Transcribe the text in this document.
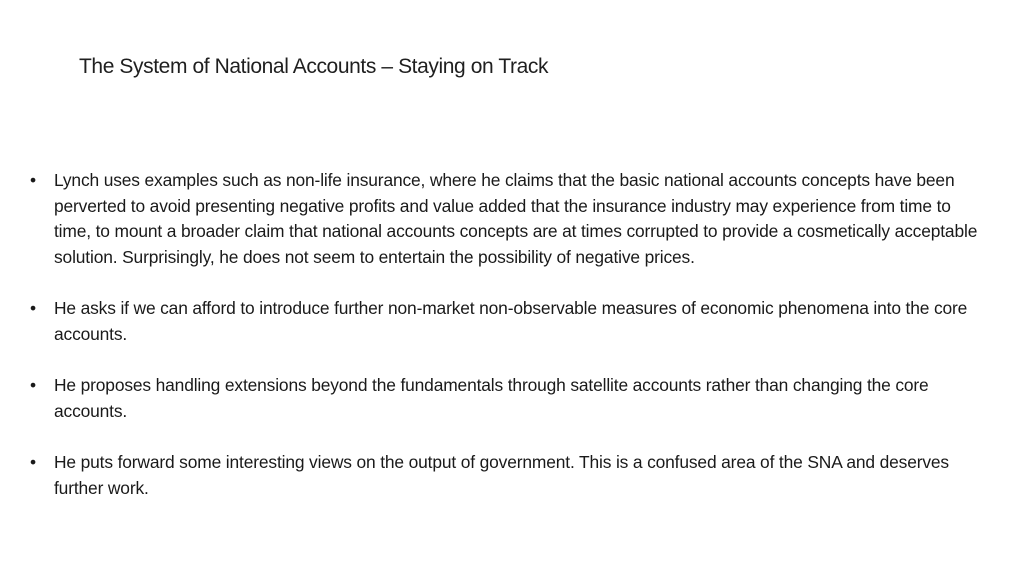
The System of National Accounts – Staying on Track
•	Lynch uses examples such as non-life insurance, where he claims that the basic national accounts concepts have been perverted to avoid presenting negative profits and value added that the insurance industry may experience from time to time, to mount a broader claim that national accounts concepts are at times corrupted to provide a cosmetically acceptable solution. Surprisingly, he does not seem to entertain the possibility of negative prices.
•	He asks if we can afford to introduce further non-market non-observable measures of economic phenomena into the core accounts.
•	He proposes handling extensions beyond the fundamentals through satellite accounts rather than changing the core accounts.
•	He puts forward some interesting views on the output of government. This is a confused area of the SNA and deserves further work.
